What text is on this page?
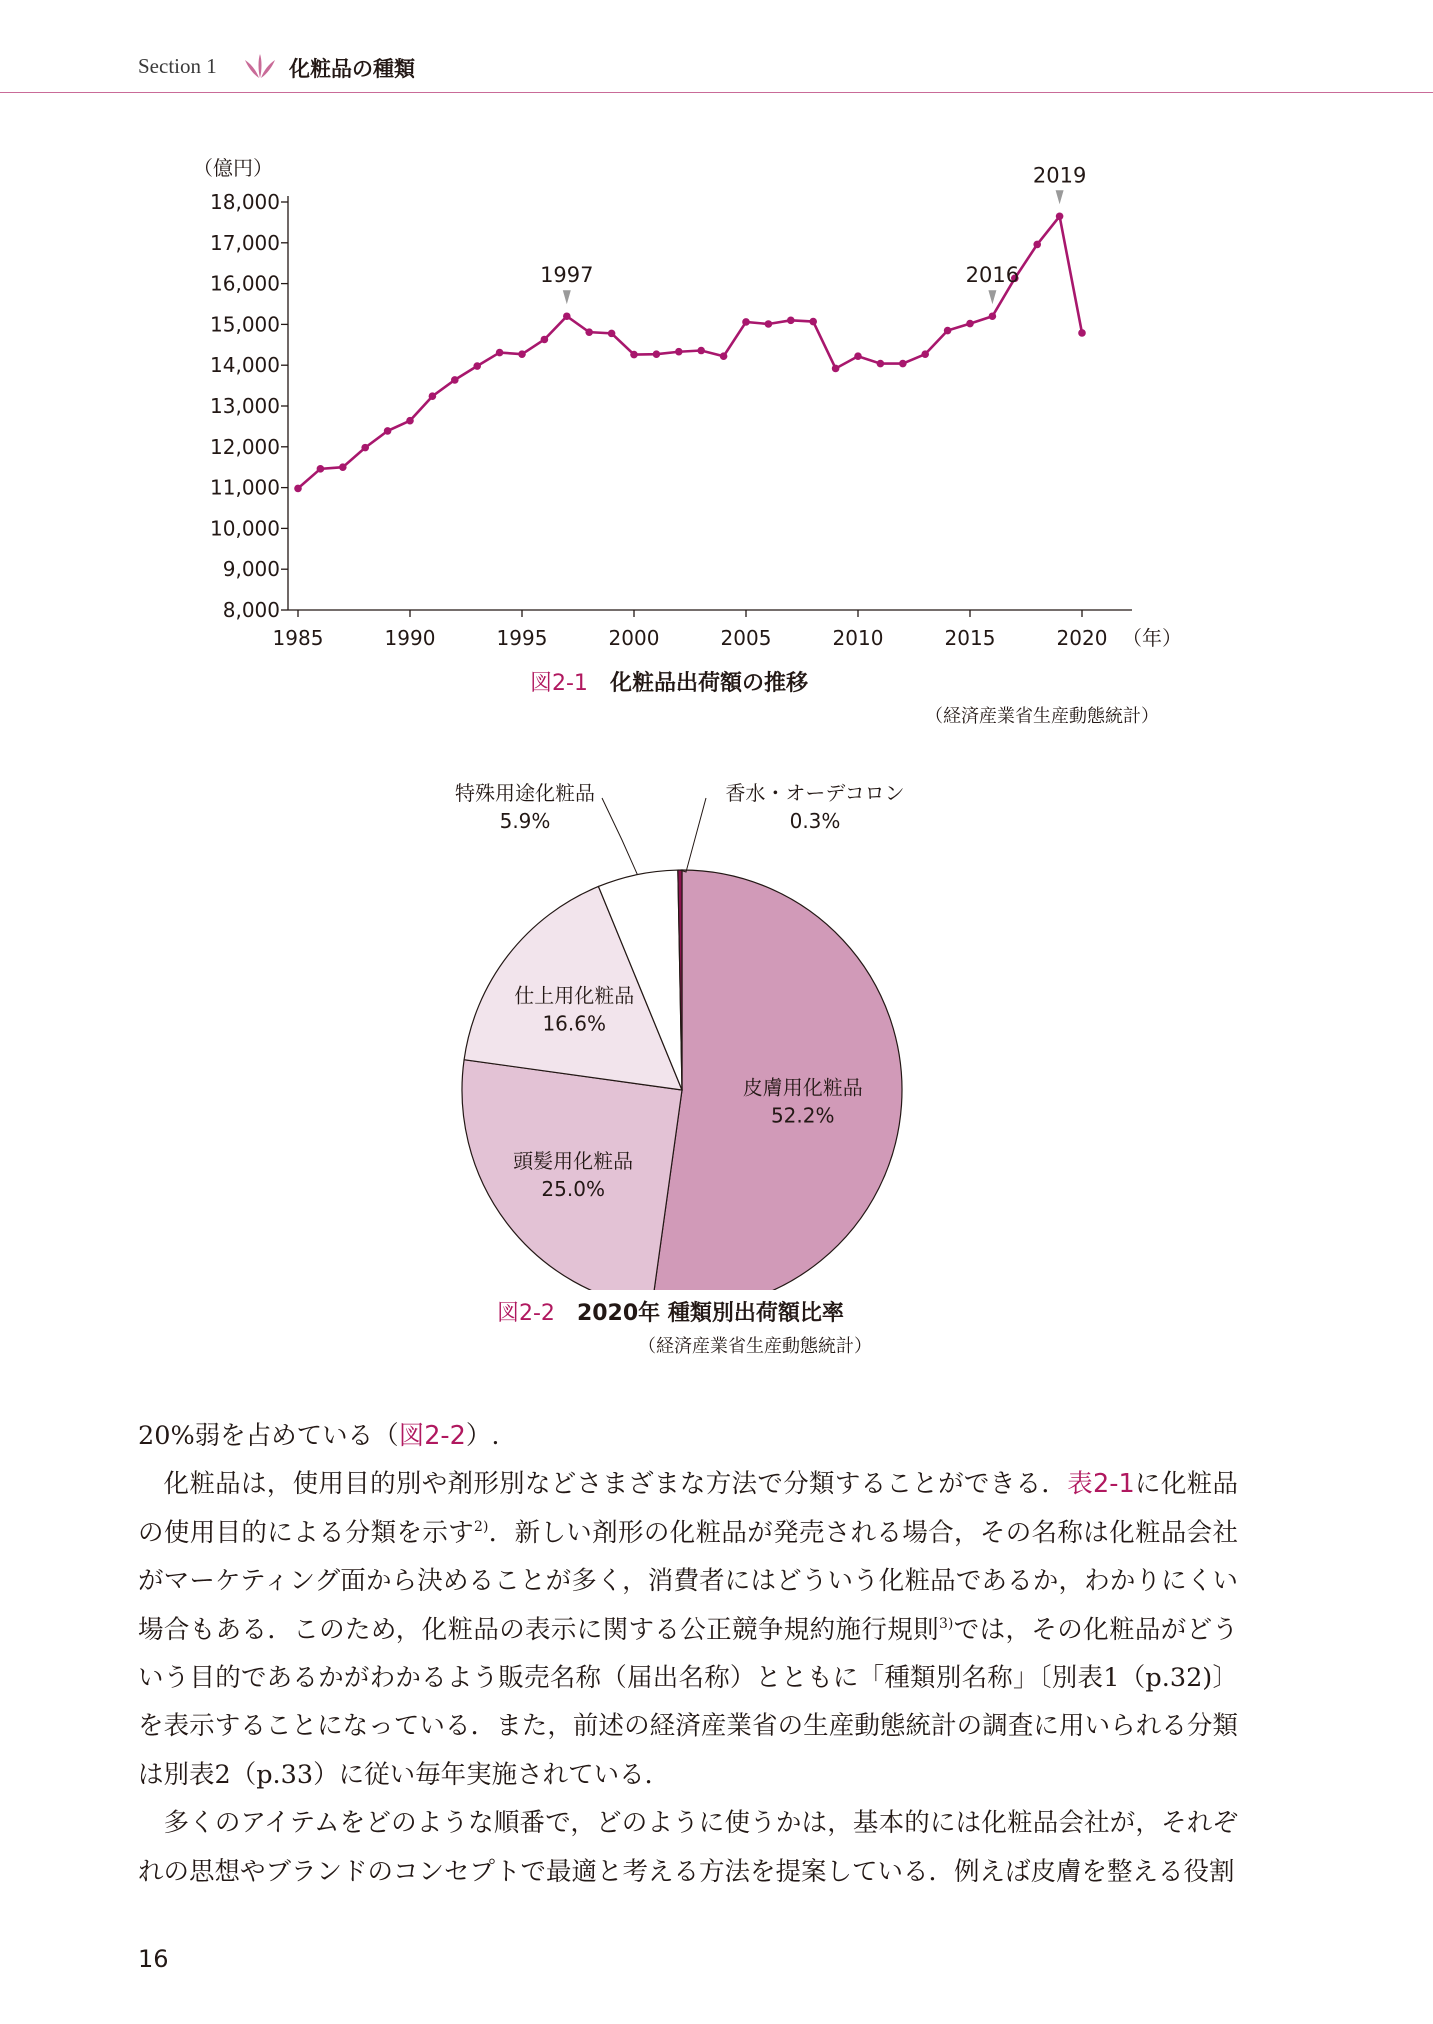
Section 1	化粧品の種類
（億円）
（年）
8,000
9,000
10,000
11,000
12,000
13,000
14,000
15,000
16,000
17,000
18,000
1985	1990	1995	2000	2005	2010	2015	2020
1997	2016
2019
図2-1 化粧品出荷額の推移
（経済産業省生産動態統計）
皮膚用化粧品
52.2%
頭髪用化粧品
25.0%
仕上用化粧品
16.6%
特殊用途化粧品
5.9%
香水・オーデコロン
0.3%
図2-2 2020年 種類別出荷額比率
（経済産業省生産動態統計）

20%弱を占めている（図2-2）.

化粧品は，使用目的別や剤形別などさまざまな方法で分類することができる．表2-1に化粧品の使用目的による分類を示す$^{2)}$．新しい剤形の化粧品が発売される場合，その名称は化粧品会社がマーケティング面から決めることが多く，消費者にはどういう化粧品であるか，わかりにくい場合もある．このため，化粧品の表示に関する公正競争規約施行規則$^{3)}$では，その化粧品がどういう目的であるかがわかるよう販売名称（届出名称）とともに「種類別名称」〔別表1（p.32)〕を表示することになっている．また，前述の経済産業省の生産動態統計の調査に用いられる分類は別表2（p.33）に従い毎年実施されている．

多くのアイテムをどのような順番で，どのように使うかは，基本的には化粧品会社が，それぞれの思想やブランドのコンセプトで最適と考える方法を提案している．例えば皮膚を整える役割

16
